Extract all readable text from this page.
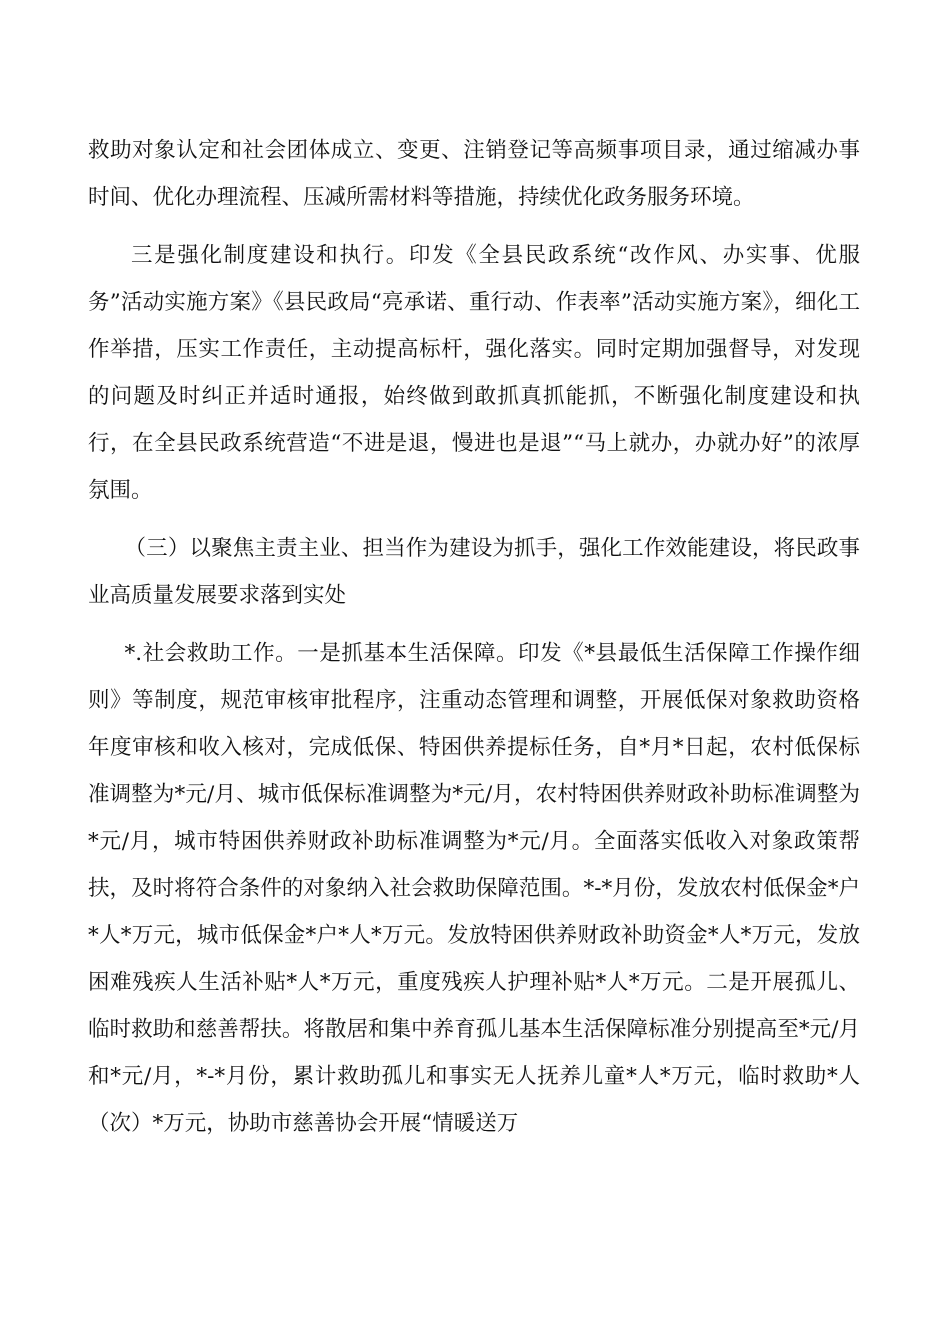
救助对象认定和社会团体成立、变更、注销登记等高频事项目录，通过缩减办事时间、优化办理流程、压减所需材料等措施，持续优化政务服务环境。

三是强化制度建设和执行。印发《全县民政系统“改作风、办实事、优服务”活动实施方案》《县民政局“亮承诺、重行动、作表率”活动实施方案》，细化工作举措，压实工作责任，主动提高标杆，强化落实。同时定期加强督导，对发现的问题及时纠正并适时通报，始终做到敢抓真抓能抓，不断强化制度建设和执行，在全县民政系统营造“不进是退，慢进也是退”“马上就办，办就办好”的浓厚氛围。

（三）以聚焦主责主业、担当作为建设为抓手，强化工作效能建设，将民政事业高质量发展要求落到实处

*.社会救助工作。一是抓基本生活保障。印发《*县最低生活保障工作操作细则》等制度，规范审核审批程序，注重动态管理和调整，开展低保对象救助资格年度审核和收入核对，完成低保、特困供养提标任务，自*月*日起，农村低保标准调整为*元/月、城市低保标准调整为*元/月，农村特困供养财政补助标准调整为*元/月，城市特困供养财政补助标准调整为*元/月。全面落实低收入对象政策帮扶，及时将符合条件的对象纳入社会救助保障范围。*-*月份，发放农村低保金*户*人*万元，城市低保金*户*人*万元。发放特困供养财政补助资金*人*万元，发放困难残疾人生活补贴*人*万元，重度残疾人护理补贴*人*万元。二是开展孤儿、临时救助和慈善帮扶。将散居和集中养育孤儿基本生活保障标准分别提高至*元/月和*元/月，*-*月份，累计救助孤儿和事实无人抚养儿童*人*万元，临时救助*人（次）*万元，协助市慈善协会开展“情暖送万
